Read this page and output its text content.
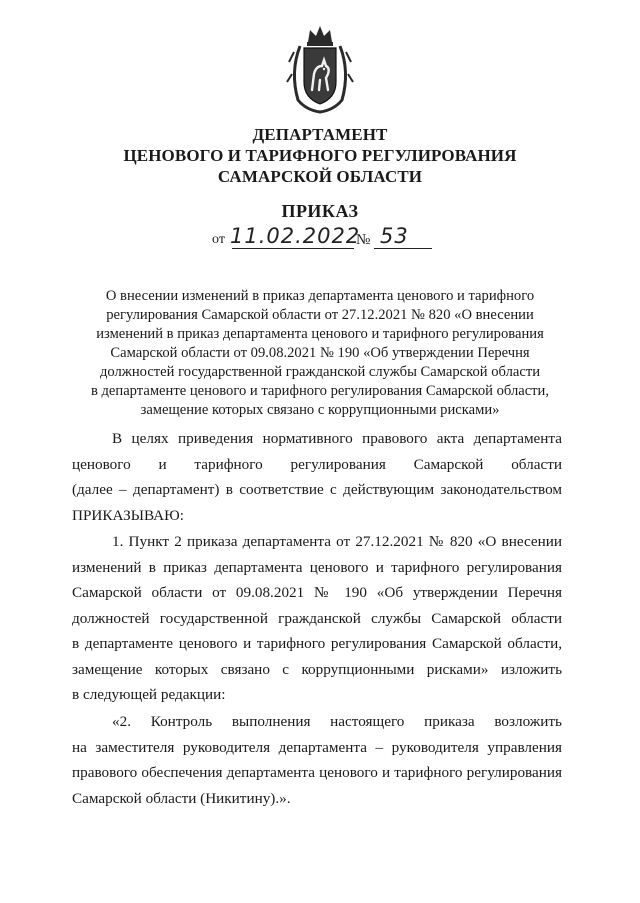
ДЕПАРТАМЕНТ
ЦЕНОВОГО И ТАРИФНОГО РЕГУЛИРОВАНИЯ
САМАРСКОЙ ОБЛАСТИ
ПРИКАЗ
от 11.02.2022
№ 53
О внесении изменений в приказ департамента ценового и тарифного
регулирования Самарской области от 27.12.2021 № 820 «О внесении
изменений в приказ департамента ценового и тарифного регулирования
Самарской области от 09.08.2021 № 190 «Об утверждении Перечня
должностей государственной гражданской службы Самарской области
в департаменте ценового и тарифного регулирования Самарской области,
замещение которых связано с коррупционными рисками»
В целях приведения нормативного правового акта департамента
ценового и тарифного регулирования Самарской области
(далее – департамент) в соответствие с действующим законодательством
ПРИКАЗЫВАЮ:
1. Пункт 2 приказа департамента от 27.12.2021 № 820 «О внесении
изменений в приказ департамента ценового и тарифного регулирования
Самарской области от 09.08.2021 № 190 «Об утверждении Перечня
должностей государственной гражданской службы Самарской области
в департаменте ценового и тарифного регулирования Самарской области,
замещение которых связано с коррупционными рисками» изложить
в следующей редакции:
«2. Контроль выполнения настоящего приказа возложить
на заместителя руководителя департамента – руководителя управления
правового обеспечения департамента ценового и тарифного регулирования
Самарской области (Никитину).».
